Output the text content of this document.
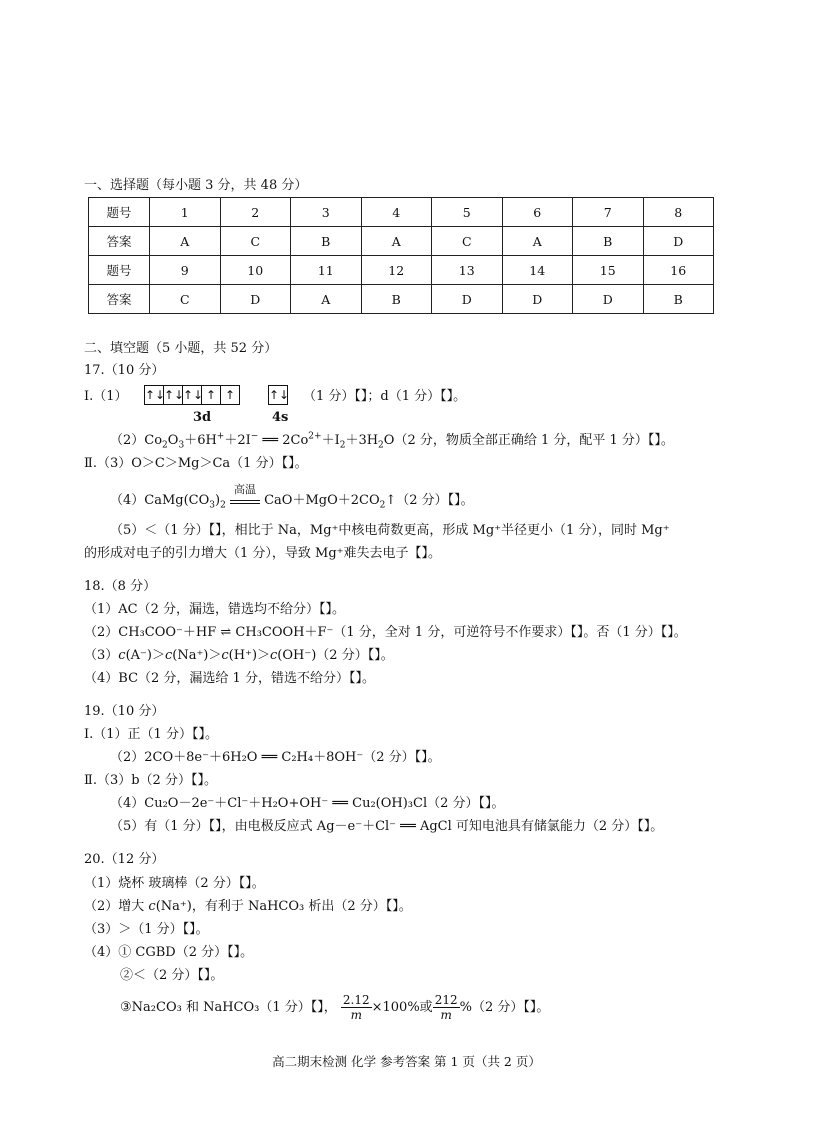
一、选择题（每小题 3 分，共 48 分）
题号	1	2	3	4	5	6	7	8
答案	A	C	B	A	C	A	B	D
题号	9	10	11	12	13	14	15	16
答案	C	D	A	B	D	D	D	B
二、填空题（5 小题，共 52 分）
17.（10 分）
Ⅰ.（1） ↑↓↑↓↑↓ ↑ ↑	↑↓
3d	4s
（1 分）【】；d（1 分）【】。
$(2)Co_2O_3+6H^++2I^-$ ══ $2Co^{2+}+I_2+3H_2O(2$ 分，物质全部正确给 1 分，配平 1 分）【】。
Ⅱ.（3）O＞C＞Mg＞Ca（1 分）【】。
$(4)CaMg(CO_3)_2$
高温
$CaO+MgO+2CO_2↑(2$ 分）【】。
（5）＜（1 分）【】，相比于 Na，Mg⁺中核电荷数更高，形成 Mg⁺半径更小（1 分），同时 Mg⁺
的形成对电子的引力增大（1 分），导致 Mg⁺难失去电子【】。
18.（8 分）
（1）AC（2 分，漏选，错选均不给分）【】。
（2）CH₃COO⁻＋HF ⇌ CH₃COOH＋F⁻（1 分，全对 1 分，可逆符号不作要求）【】。否（1 分）【】。
（3）c(A⁻)＞c(Na⁺)＞c(H⁺)＞c(OH⁻)（2 分）【】。
（4）BC（2 分，漏选给 1 分，错选不给分）【】。
19.（10 分）
Ⅰ.（1）正（1 分）【】。
（2）2CO＋8e⁻＋6H₂O ══ C₂H₄＋8OH⁻（2 分）【】。
Ⅱ.（3）b（2 分）【】。
（4）Cu₂O－2e⁻＋Cl⁻＋H₂O+OH⁻ ══ Cu₂(OH)₃Cl（2 分）【】。
（5）有（1 分）【】，由电极反应式 Ag－e⁻＋Cl⁻ ══ AgCl 可知电池具有储氯能力（2 分）【】。
20.（12 分）
（1）烧杯 玻璃棒（2 分）【】。
（2）增大 c(Na⁺)，有利于 NaHCO₃ 析出（2 分）【】。
（3）＞（1 分）【】。
（4）① CGBD（2 分）【】。
②＜（2 分）【】。
③Na₂CO₃ 和 NaHCO₃（1 分）【】， $\frac{2.12}{m} \times 100\%$或 $\frac{212}{m} \%(2$ 分）【】。
高二期末检测 化学 参考答案 第 1 页（共 2 页）
